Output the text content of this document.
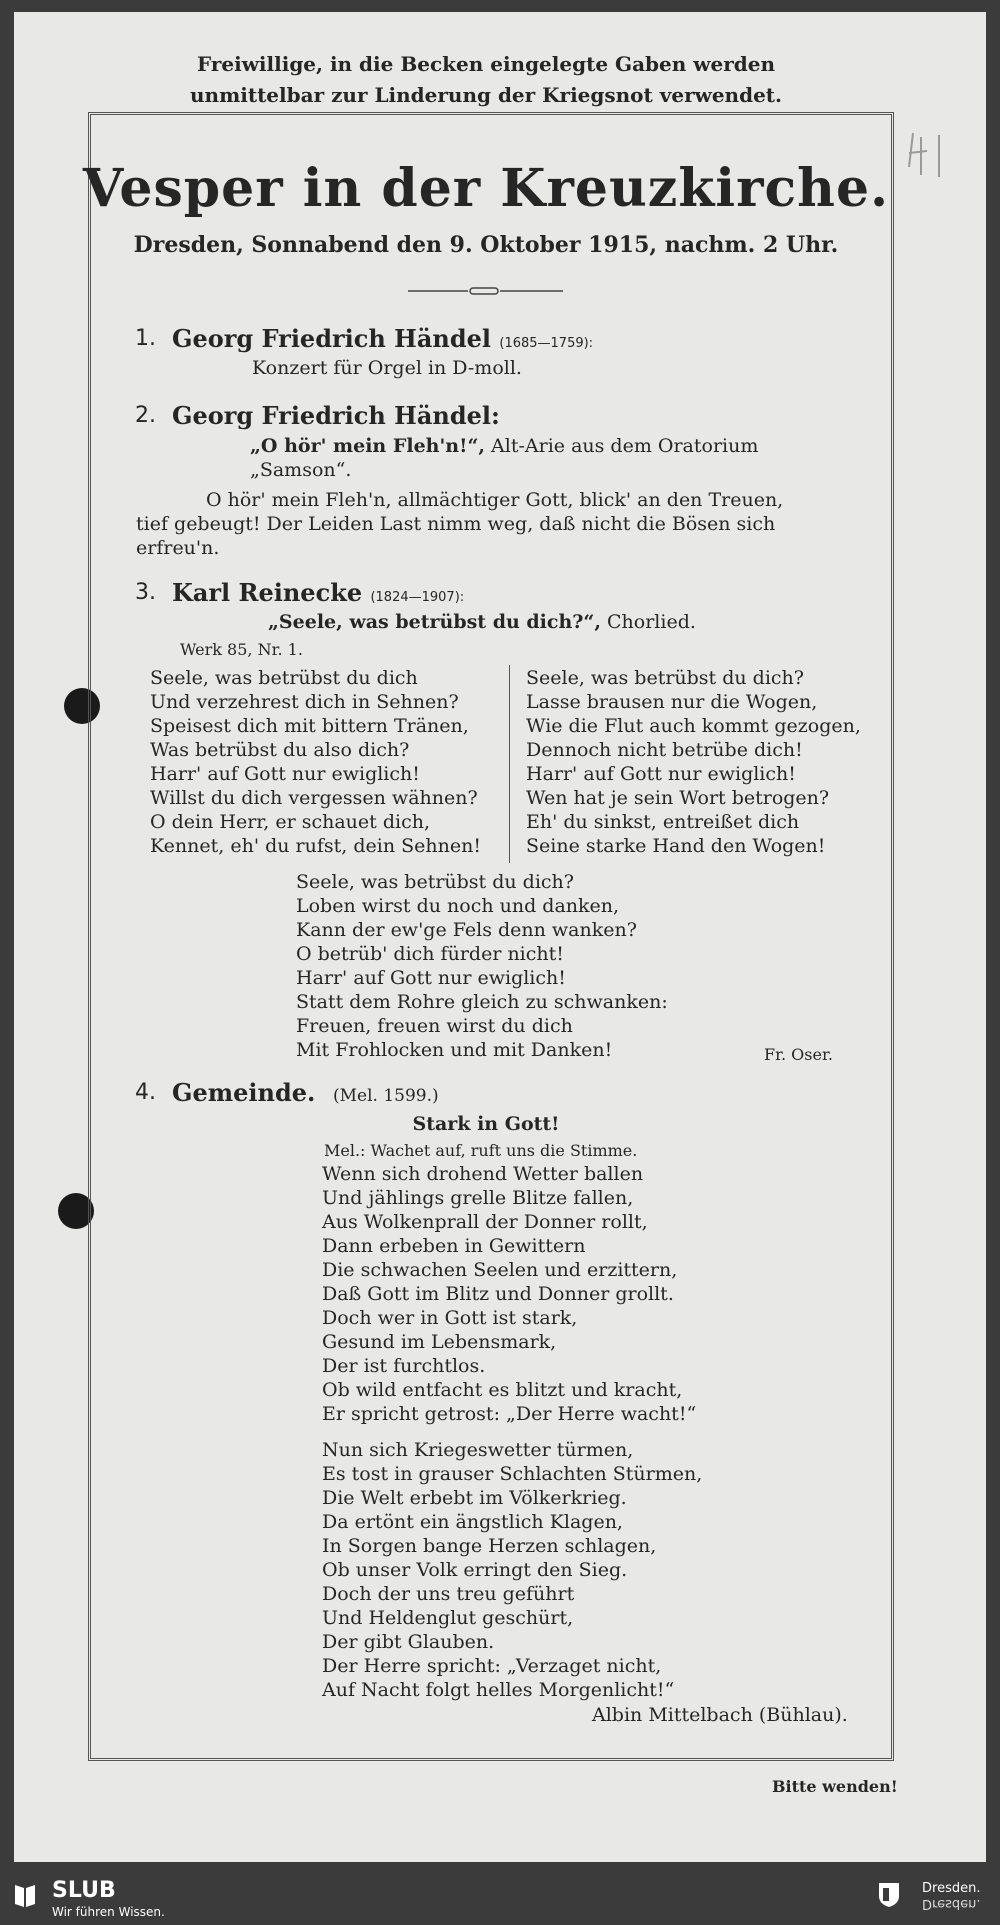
Freiwillige, in die Becken eingelegte Gaben werden
unmittelbar zur Linderung der Kriegsnot verwendet.
Vesper in der Kreuzkirche.
Dresden, Sonnabend den 9. Oktober 1915, nachm. 2 Uhr.
1. Georg Friedrich Händel (1685—1759):
Konzert für Orgel in D-moll.
2. Georg Friedrich Händel:
„O hör' mein Fleh'n!“, Alt-Arie aus dem Oratorium
„Samson“.
O hör' mein Fleh'n, allmächtiger Gott, blick' an den Treuen,
tief gebeugt! Der Leiden Last nimm weg, daß nicht die Bösen sich
erfreu'n.
3. Karl Reinecke (1824—1907):
„Seele, was betrübst du dich?“, Chorlied.
Werk 85, Nr. 1.
Seele, was betrübst du dich
Und verzehrest dich in Sehnen?
Speisest dich mit bittern Tränen,
Was betrübst du also dich?
Harr' auf Gott nur ewiglich!
Willst du dich vergessen wähnen?
O dein Herr, er schauet dich,
Kennet, eh' du rufst, dein Sehnen!
Seele, was betrübst du dich?
Lasse brausen nur die Wogen,
Wie die Flut auch kommt gezogen,
Dennoch nicht betrübe dich!
Harr' auf Gott nur ewiglich!
Wen hat je sein Wort betrogen?
Eh' du sinkst, entreißet dich
Seine starke Hand den Wogen!
Seele, was betrübst du dich?
Loben wirst du noch und danken,
Kann der ew'ge Fels denn wanken?
O betrüb' dich fürder nicht!
Harr' auf Gott nur ewiglich!
Statt dem Rohre gleich zu schwanken:
Freuen, freuen wirst du dich
Mit Frohlocken und mit Danken!	Fr. Oser.
4. Gemeinde. (Mel. 1599.)
Stark in Gott!
Mel.: Wachet auf, ruft uns die Stimme.
Wenn sich drohend Wetter ballen
Und jählings grelle Blitze fallen,
Aus Wolkenprall der Donner rollt,
Dann erbeben in Gewittern
Die schwachen Seelen und erzittern,
Daß Gott im Blitz und Donner grollt.
Doch wer in Gott ist stark,
Gesund im Lebensmark,
Der ist furchtlos.
Ob wild entfacht es blitzt und kracht,
Er spricht getrost: „Der Herre wacht!“
Nun sich Kriegeswetter türmen,
Es tost in grauser Schlachten Stürmen,
Die Welt erbebt im Völkerkrieg.
Da ertönt ein ängstlich Klagen,
In Sorgen bange Herzen schlagen,
Ob unser Volk erringt den Sieg.
Doch der uns treu geführt
Und Heldenglut geschürt,
Der gibt Glauben.
Der Herre spricht: „Verzaget nicht,
Auf Nacht folgt helles Morgenlicht!“
Albin Mittelbach (Bühlau).
Bitte wenden!
SLUB
Wir führen Wissen.
Dresden.
Dresden.
